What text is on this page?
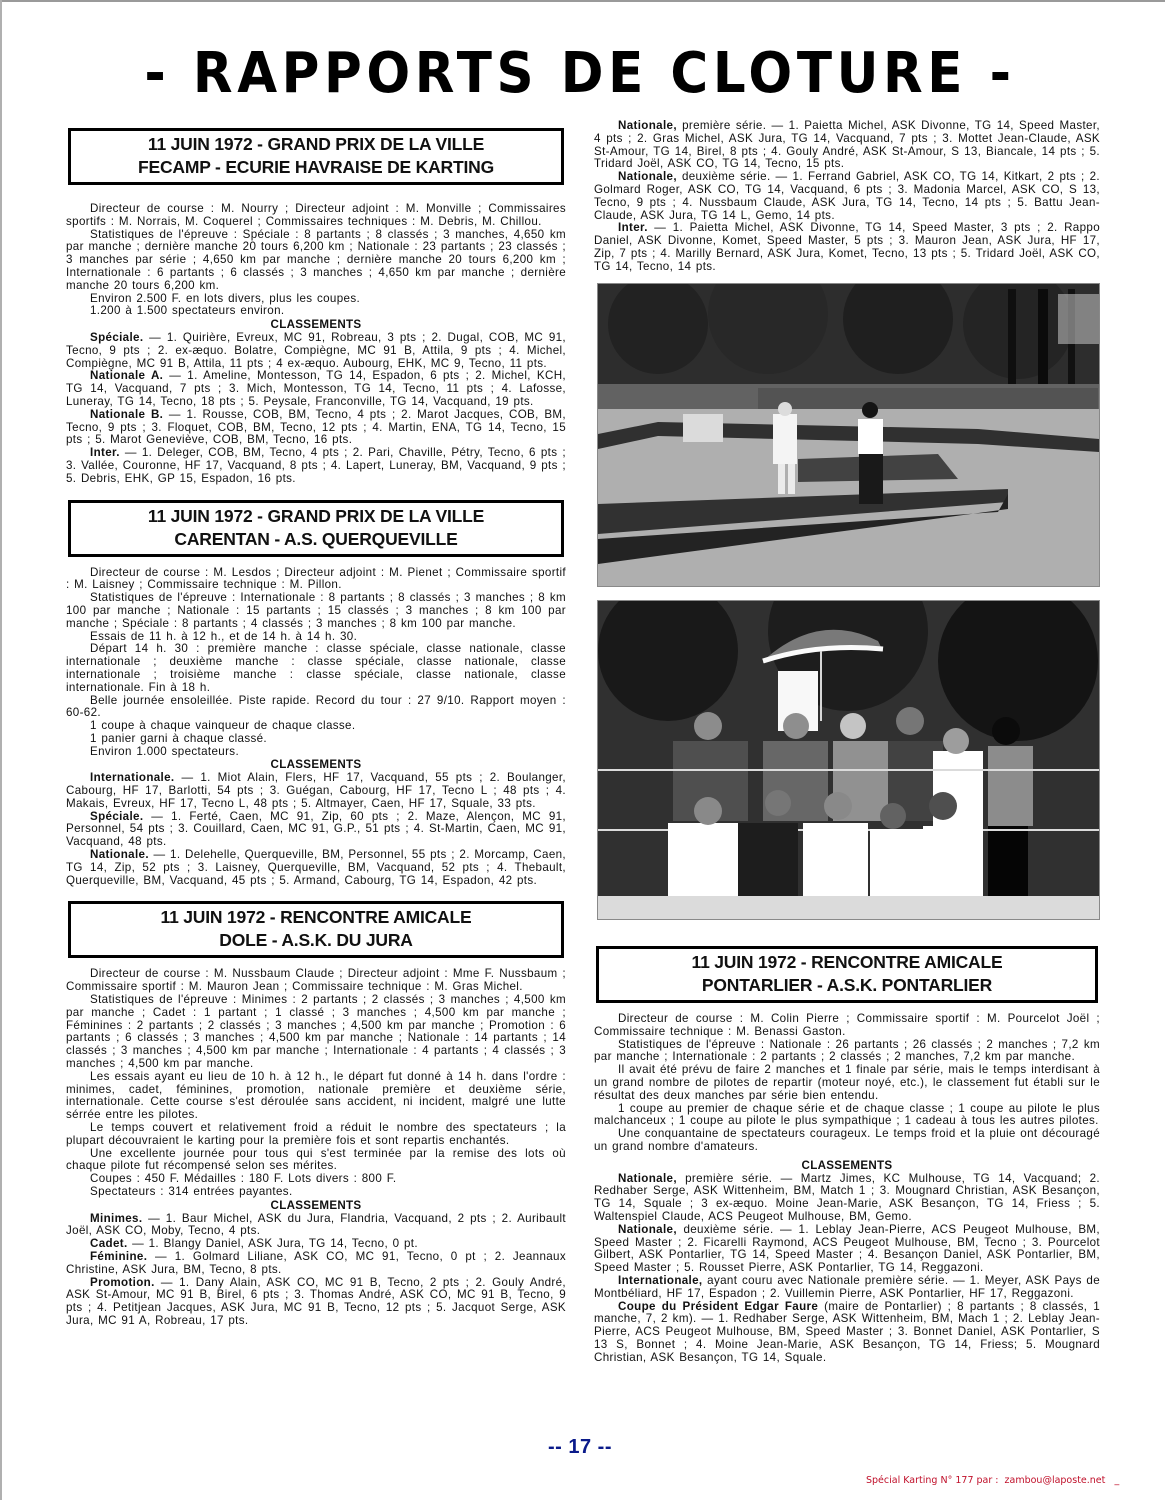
- RAPPORTS DE CLOTURE -
11 JUIN 1972 - GRAND PRIX DE LA VILLE
FECAMP - ECURIE HAVRAISE DE KARTING

Directeur de course : M. Nourry ; Directeur adjoint : M. Monville ; Commissaires sportifs : M. Norrais, M. Coquerel ; Commissaires techniques : M. Debris, M. Chillou.

Statistiques de l'épreuve : Spéciale : 8 partants ; 8 classés ; 3 manches, 4,650 km par manche ; dernière manche 20 tours 6,200 km ; Nationale : 23 partants ; 23 classés ; 3 manches par série ; 4,650 km par manche ; dernière manche 20 tours 6,200 km ; Internationale : 6 partants ; 6 classés ; 3 manches ; 4,650 km par manche ; dernière manche 20 tours 6,200 km.

Environ 2.500 F. en lots divers, plus les coupes.

1.200 à 1.500 spectateurs environ.

CLASSEMENTS

Spéciale. — 1. Quirière, Evreux, MC 91, Robreau, 3 pts ; 2. Dugal, COB, MC 91, Tecno, 9 pts ; 2. ex-æquo. Bolatre, Compiègne, MC 91 B, Attila, 9 pts ; 4. Michel, Compiègne, MC 91 B, Attila, 11 pts ; 4 ex-æquo. Aubourg, EHK, MC 9, Tecno, 11 pts.

Nationale A. — 1. Ameline, Montesson, TG 14, Espadon, 6 pts ; 2. Michel, KCH, TG 14, Vacquand, 7 pts ; 3. Mich, Montesson, TG 14, Tecno, 11 pts ; 4. Lafosse, Luneray, TG 14, Tecno, 18 pts ; 5. Peysale, Franconville, TG 14, Vacquand, 19 pts.

Nationale B. — 1. Rousse, COB, BM, Tecno, 4 pts ; 2. Marot Jacques, COB, BM, Tecno, 9 pts ; 3. Floquet, COB, BM, Tecno, 12 pts ; 4. Martin, ENA, TG 14, Tecno, 15 pts ; 5. Marot Geneviève, COB, BM, Tecno, 16 pts.

Inter. — 1. Deleger, COB, BM, Tecno, 4 pts ; 2. Pari, Chaville, Pétry, Tecno, 6 pts ; 3. Vallée, Couronne, HF 17, Vacquand, 8 pts ; 4. Lapert, Luneray, BM, Vacquand, 9 pts ; 5. Debris, EHK, GP 15, Espadon, 16 pts.

11 JUIN 1972 - GRAND PRIX DE LA VILLE
CARENTAN - A.S. QUERQUEVILLE

Directeur de course : M. Lesdos ; Directeur adjoint : M. Pienet ; Commissaire sportif : M. Laisney ; Commissaire technique : M. Pillon.

Statistiques de l'épreuve : Internationale : 8 partants ; 8 classés ; 3 manches ; 8 km 100 par manche ; Nationale : 15 partants ; 15 classés ; 3 manches ; 8 km 100 par manche ; Spéciale : 8 partants ; 4 classés ; 3 manches ; 8 km 100 par manche.

Essais de 11 h. à 12 h., et de 14 h. à 14 h. 30.

Départ 14 h. 30 : première manche : classe spéciale, classe nationale, classe internationale ; deuxième manche : classe spéciale, classe nationale, classe internationale ; troisième manche : classe spéciale, classe nationale, classe internationale. Fin à 18 h.

Belle journée ensoleillée. Piste rapide. Record du tour : 27 9/10. Rapport moyen : 60-62.

1 coupe à chaque vainqueur de chaque classe.

1 panier garni à chaque classé.

Environ 1.000 spectateurs.

CLASSEMENTS

Internationale. — 1. Miot Alain, Flers, HF 17, Vacquand, 55 pts ; 2. Boulanger, Cabourg, HF 17, Barlotti, 54 pts ; 3. Guégan, Cabourg, HF 17, Tecno L ; 48 pts ; 4. Makais, Evreux, HF 17, Tecno L, 48 pts ; 5. Altmayer, Caen, HF 17, Squale, 33 pts.

Spéciale. — 1. Ferté, Caen, MC 91, Zip, 60 pts ; 2. Maze, Alençon, MC 91, Personnel, 54 pts ; 3. Couillard, Caen, MC 91, G.P., 51 pts ; 4. St-Martin, Caen, MC 91, Vacquand, 48 pts.

Nationale. — 1. Delehelle, Querqueville, BM, Personnel, 55 pts ; 2. Morcamp, Caen, TG 14, Zip, 52 pts ; 3. Laisney, Querqueville, BM, Vacquand, 52 pts ; 4. Thebault, Querqueville, BM, Vacquand, 45 pts ; 5. Armand, Cabourg, TG 14, Espadon, 42 pts.

11 JUIN 1972 - RENCONTRE AMICALE
DOLE - A.S.K. DU JURA

Directeur de course : M. Nussbaum Claude ; Directeur adjoint : Mme F. Nussbaum ; Commissaire sportif : M. Mauron Jean ; Commissaire technique : M. Gras Michel.

Statistiques de l'épreuve : Minimes : 2 partants ; 2 classés ; 3 manches ; 4,500 km par manche ; Cadet : 1 partant ; 1 classé ; 3 manches ; 4,500 km par manche ; Féminines : 2 partants ; 2 classés ; 3 manches ; 4,500 km par manche ; Promotion : 6 partants ; 6 classés ; 3 manches ; 4,500 km par manche ; Nationale : 14 partants ; 14 classés ; 3 manches ; 4,500 km par manche ; Internationale : 4 partants ; 4 classés ; 3 manches ; 4,500 km par manche.

Les essais ayant eu lieu de 10 h. à 12 h., le départ fut donné à 14 h. dans l'ordre : minimes, cadet, féminines, promotion, nationale première et deuxième série, internationale. Cette course s'est déroulée sans accident, ni incident, malgré une lutte sérrée entre les pilotes.

Le temps couvert et relativement froid a réduit le nombre des spectateurs ; la plupart découvraient le karting pour la première fois et sont repartis enchantés.

Une excellente journée pour tous qui s'est terminée par la remise des lots où chaque pilote fut récompensé selon ses mérites.

Coupes : 450 F. Médailles : 180 F. Lots divers : 800 F.

Spectateurs : 314 entrées payantes.

CLASSEMENTS

Minimes. — 1. Baur Michel, ASK du Jura, Flandria, Vacquand, 2 pts ; 2. Auribault Joël, ASK CO, Moby, Tecno, 4 pts.

Cadet. — 1. Blangy Daniel, ASK Jura, TG 14, Tecno, 0 pt.

Féminine. — 1. Golmard Liliane, ASK CO, MC 91, Tecno, 0 pt ; 2. Jeannaux Christine, ASK Jura, BM, Tecno, 8 pts.

Promotion. — 1. Dany Alain, ASK CO, MC 91 B, Tecno, 2 pts ; 2. Gouly André, ASK St-Amour, MC 91 B, Birel, 6 pts ; 3. Thomas André, ASK CO, MC 91 B, Tecno, 9 pts ; 4. Petitjean Jacques, ASK Jura, MC 91 B, Tecno, 12 pts ; 5. Jacquot Serge, ASK Jura, MC 91 A, Robreau, 17 pts.

Nationale, première série. — 1. Paietta Michel, ASK Divonne, TG 14, Speed Master, 4 pts ; 2. Gras Michel, ASK Jura, TG 14, Vacquand, 7 pts ; 3. Mottet Jean-Claude, ASK St-Amour, TG 14, Birel, 8 pts ; 4. Gouly André, ASK St-Amour, S 13, Biancale, 14 pts ; 5. Tridard Joël, ASK CO, TG 14, Tecno, 15 pts.

Nationale, deuxième série. — 1. Ferrand Gabriel, ASK CO, TG 14, Kitkart, 2 pts ; 2. Golmard Roger, ASK CO, TG 14, Vacquand, 6 pts ; 3. Madonia Marcel, ASK CO, S 13, Tecno, 9 pts ; 4. Nussbaum Claude, ASK Jura, TG 14, Tecno, 14 pts ; 5. Battu Jean-Claude, ASK Jura, TG 14 L, Gemo, 14 pts.

Inter. — 1. Paietta Michel, ASK Divonne, TG 14, Speed Master, 3 pts ; 2. Rappo Daniel, ASK Divonne, Komet, Speed Master, 5 pts ; 3. Mauron Jean, ASK Jura, HF 17, Zip, 7 pts ; 4. Marilly Bernard, ASK Jura, Komet, Tecno, 13 pts ; 5. Tridard Joël, ASK CO, TG 14, Tecno, 14 pts.

11 JUIN 1972 - RENCONTRE AMICALE
PONTARLIER - A.S.K. PONTARLIER

Directeur de course : M. Colin Pierre ; Commissaire sportif : M. Pourcelot Joël ; Commissaire technique : M. Benassi Gaston.

Statistiques de l'épreuve : Nationale : 26 partants ; 26 classés ; 2 manches ; 7,2 km par manche ; Internationale : 2 partants ; 2 classés ; 2 manches, 7,2 km par manche.

Il avait été prévu de faire 2 manches et 1 finale par série, mais le temps interdisant à un grand nombre de pilotes de repartir (moteur noyé, etc.), le classement fut établi sur le résultat des deux manches par série bien entendu.

1 coupe au premier de chaque série et de chaque classe ; 1 coupe au pilote le plus malchanceux ; 1 coupe au pilote le plus sympathique ; 1 cadeau à tous les autres pilotes.

Une conquantaine de spectateurs courageux. Le temps froid et la pluie ont découragé un grand nombre d'amateurs.

CLASSEMENTS

Nationale, première série. — Martz Jimes, KC Mulhouse, TG 14, Vacquand; 2. Redhaber Serge, ASK Wittenheim, BM, Match 1 ; 3. Mougnard Christian, ASK Besançon, TG 14, Squale ; 3 ex-æquo. Moine Jean-Marie, ASK Besançon, TG 14, Friess ; 5. Waltenspiel Claude, ACS Peugeot Mulhouse, BM, Gemo.

Nationale, deuxième série. — 1. Leblay Jean-Pierre, ACS Peugeot Mulhouse, BM, Speed Master ; 2. Ficarelli Raymond, ACS Peugeot Mulhouse, BM, Tecno ; 3. Pourcelot Gilbert, ASK Pontarlier, TG 14, Speed Master ; 4. Besançon Daniel, ASK Pontarlier, BM, Speed Master ; 5. Rousset Pierre, ASK Pontarlier, TG 14, Reggazoni.

Internationale, ayant couru avec Nationale première série. — 1. Meyer, ASK Pays de Montbéliard, HF 17, Espadon ; 2. Vuillemin Pierre, ASK Pontarlier, HF 17, Reggazoni.

Coupe du Président Edgar Faure (maire de Pontarlier) ; 8 partants ; 8 classés, 1 manche, 7, 2 km). — 1. Redhaber Serge, ASK Wittenheim, BM, Mach 1 ; 2. Leblay Jean-Pierre, ACS Peugeot Mulhouse, BM, Speed Master ; 3. Bonnet Daniel, ASK Pontarlier, S 13 S, Bonnet ; 4. Moine Jean-Marie, ASK Besançon, TG 14, Friess; 5. Mougnard Christian, ASK Besançon, TG 14, Squale.

-- 17 --
Spécial Karting N° 177 par :  zambou@laposte.net   _
